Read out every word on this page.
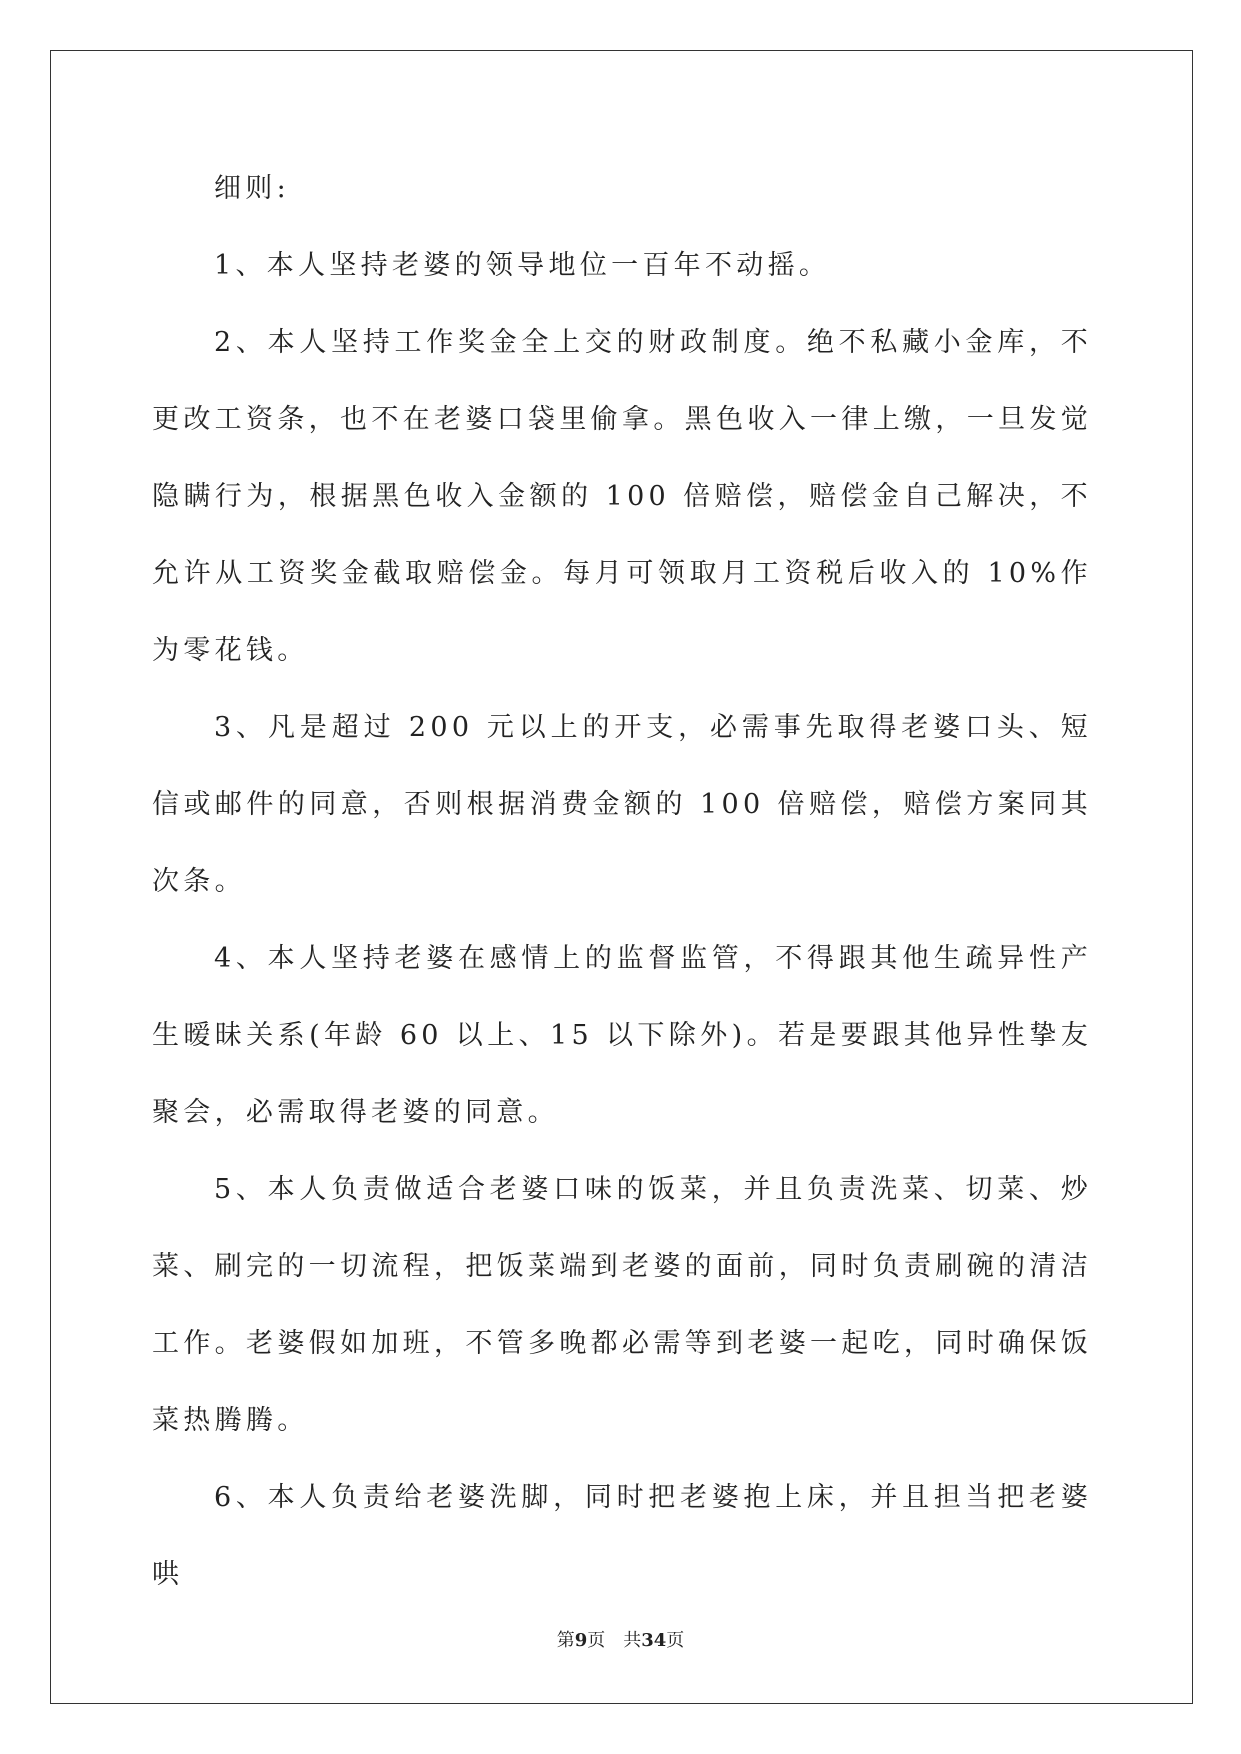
细则:

1、本人坚持老婆的领导地位一百年不动摇。

2、本人坚持工作奖金全上交的财政制度。绝不私藏小金库，不更改工资条，也不在老婆口袋里偷拿。黑色收入一律上缴，一旦发觉隐瞒行为，根据黑色收入金额的 100 倍赔偿，赔偿金自己解决，不允许从工资奖金截取赔偿金。每月可领取月工资税后收入的 10%作为零花钱。

3、凡是超过 200 元以上的开支，必需事先取得老婆口头、短信或邮件的同意，否则根据消费金额的 100 倍赔偿，赔偿方案同其次条。

4、本人坚持老婆在感情上的监督监管，不得跟其他生疏异性产生暧昧关系(年龄 60 以上、15 以下除外)。若是要跟其他异性挚友聚会，必需取得老婆的同意。

5、本人负责做适合老婆口味的饭菜，并且负责洗菜、切菜、炒菜、刷完的一切流程，把饭菜端到老婆的面前，同时负责刷碗的清洁工作。老婆假如加班，不管多晚都必需等到老婆一起吃，同时确保饭菜热腾腾。

6、本人负责给老婆洗脚，同时把老婆抱上床，并且担当把老婆哄

第9页 共34页
